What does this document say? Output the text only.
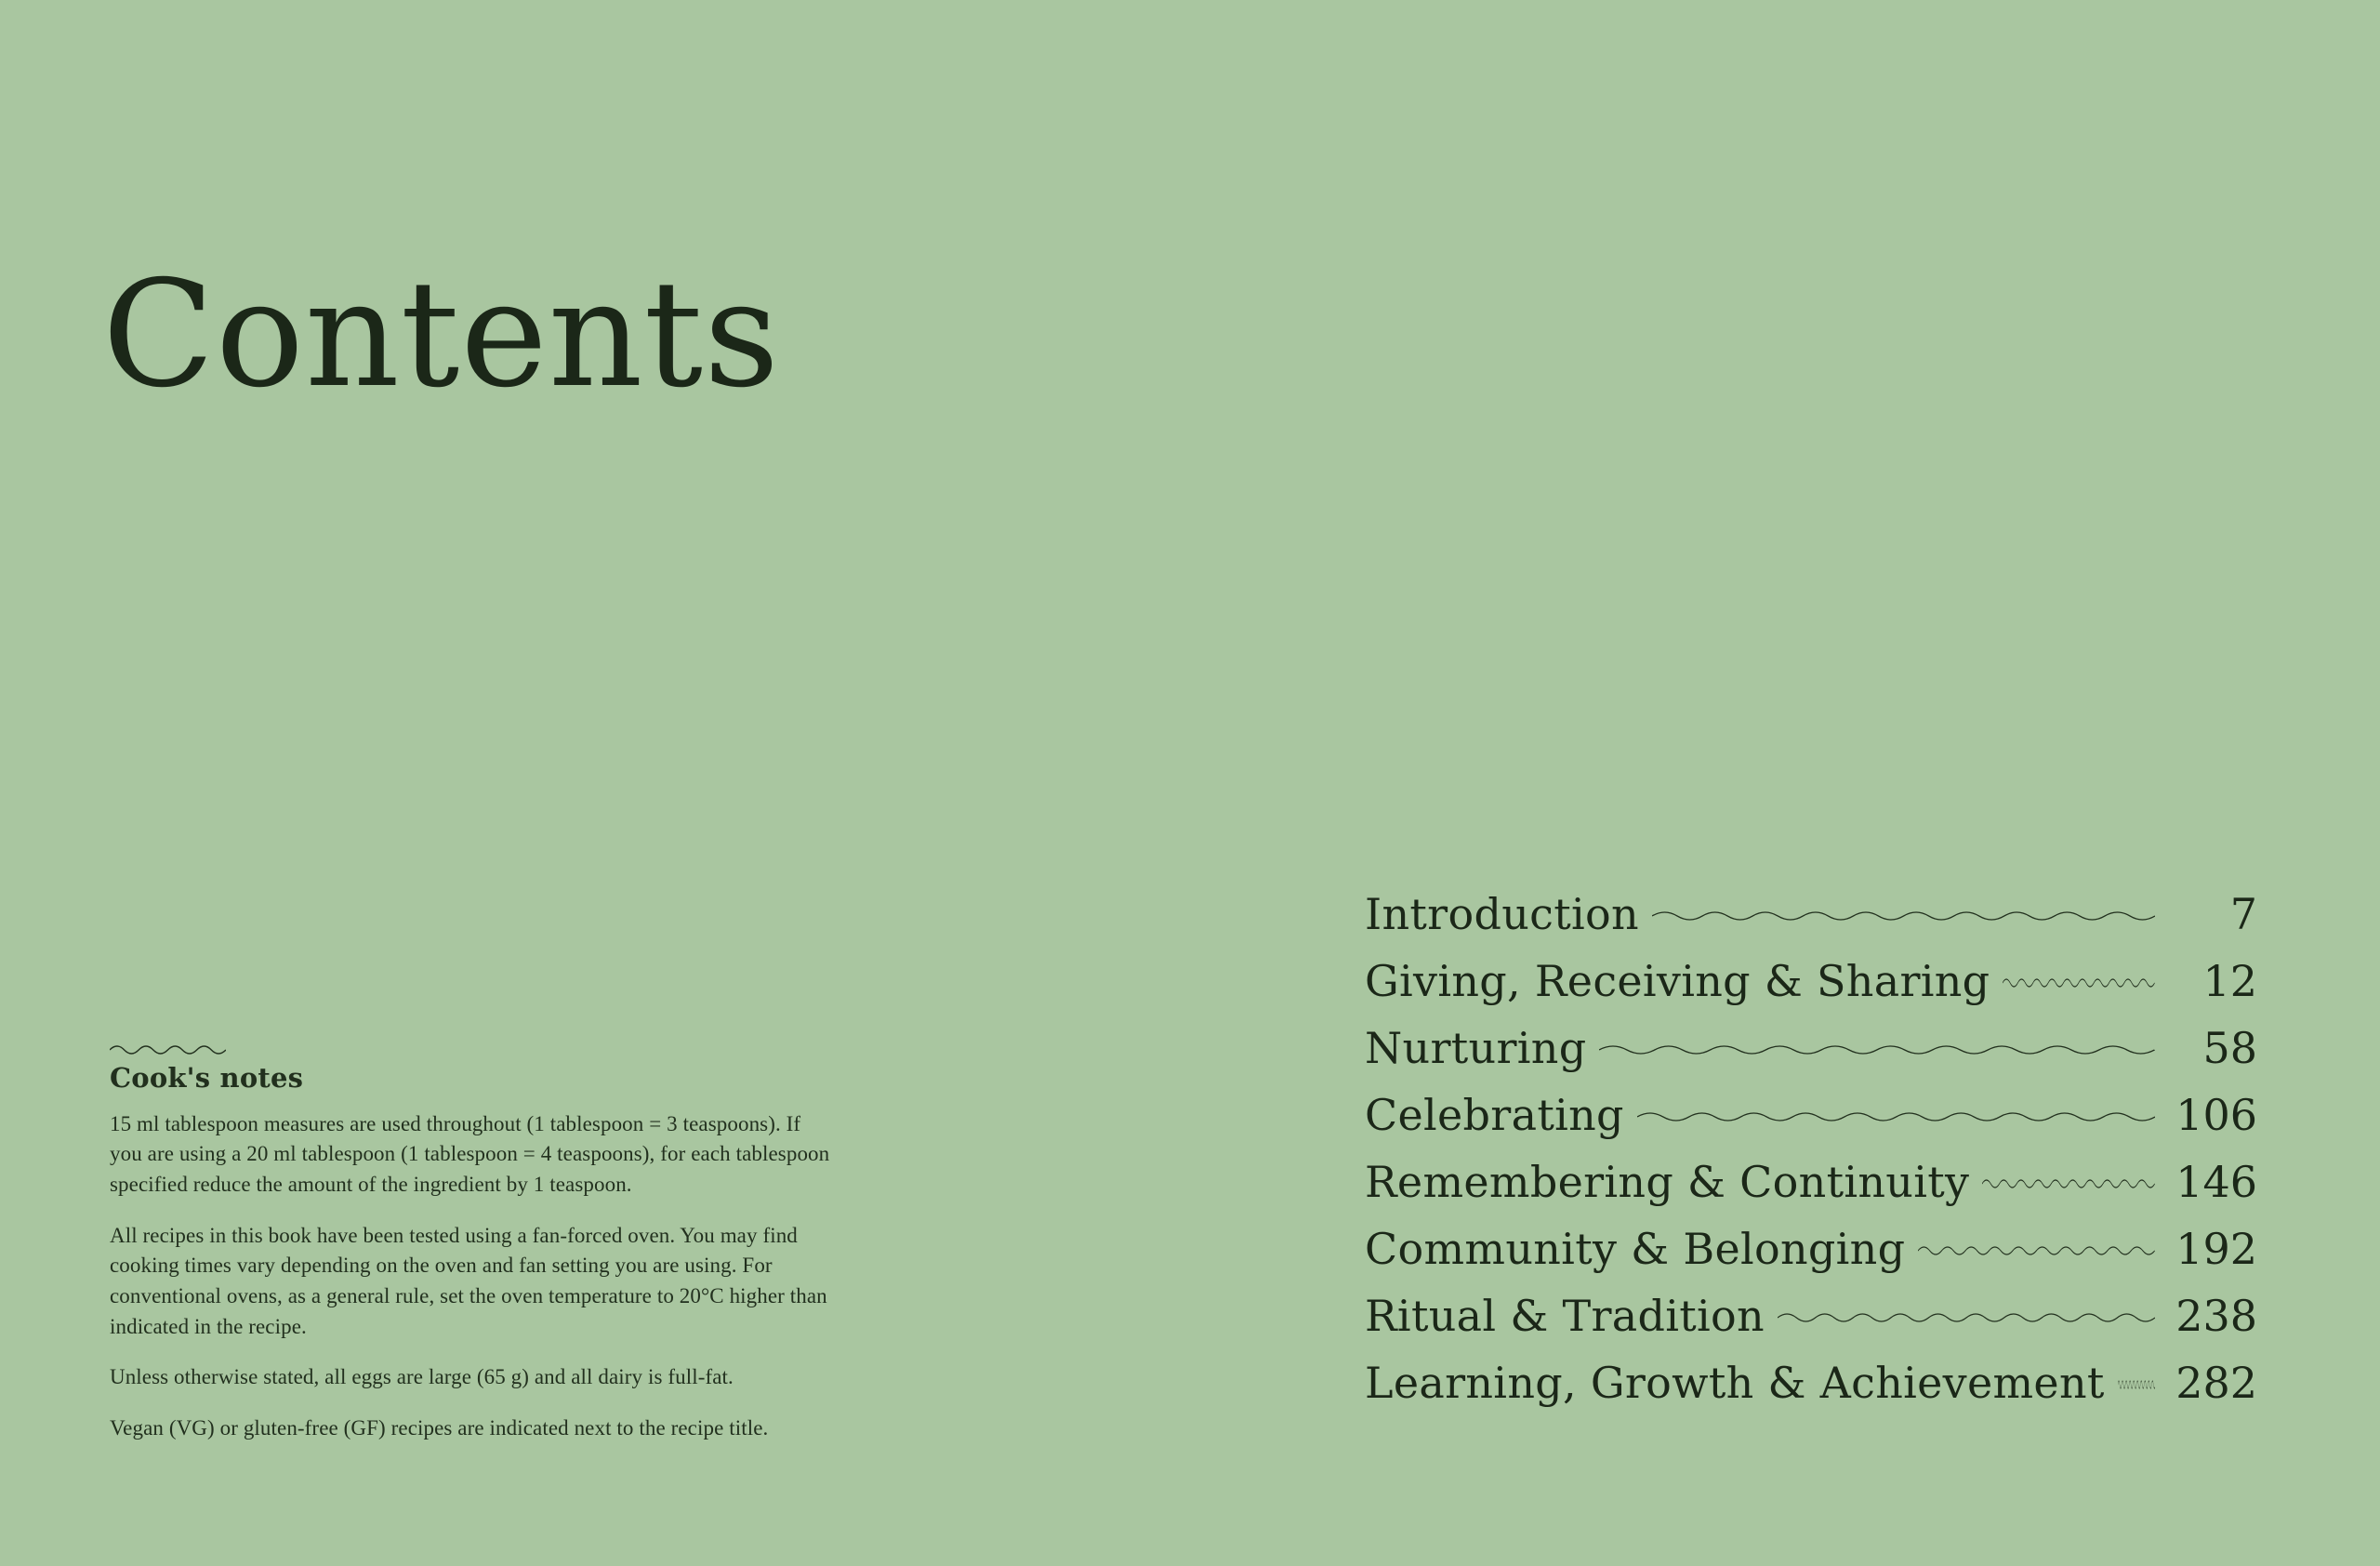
Contents
Cook's notes

15 ml tablespoon measures are used throughout (1 tablespoon = 3 teaspoons). If you are using a 20 ml tablespoon (1 tablespoon = 4 teaspoons), for each tablespoon specified reduce the amount of the ingredient by 1 teaspoon.

All recipes in this book have been tested using a fan-forced oven. You may find cooking times vary depending on the oven and fan setting you are using. For conventional ovens, as a general rule, set the oven temperature to 20°C higher than indicated in the recipe.

Unless otherwise stated, all eggs are large (65 g) and all dairy is full-fat.

Vegan (VG) or gluten-free (GF) recipes are indicated next to the recipe title.

Introduction	7
Giving, Receiving & Sharing	12
Nurturing	58
Celebrating	106
Remembering & Continuity	146
Community & Belonging	192
Ritual & Tradition	238
Learning, Growth & Achievement 282
